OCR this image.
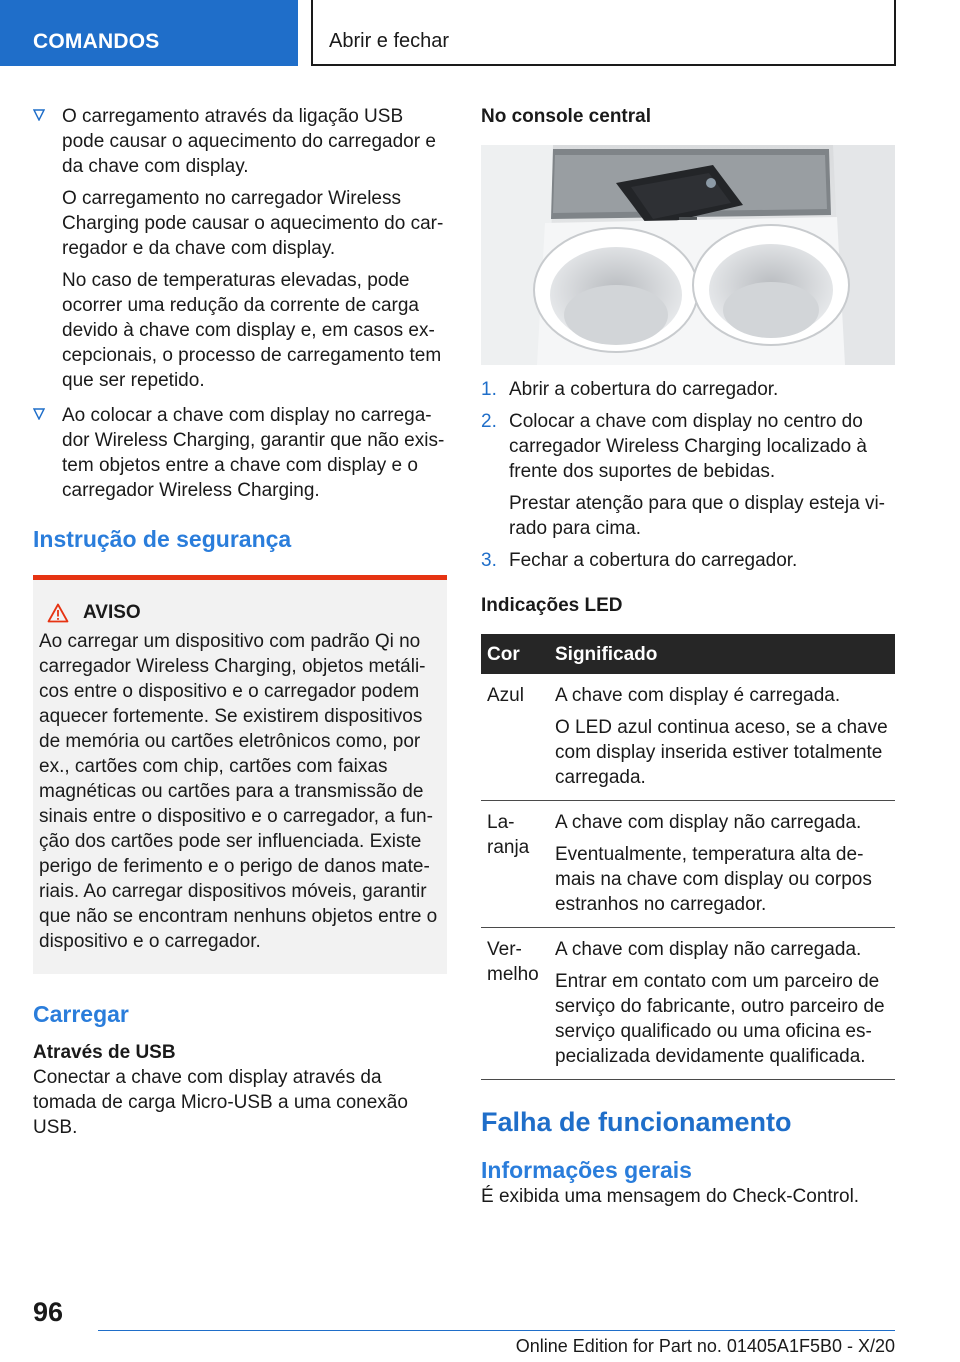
COMANDOS	Abrir e fechar

O carregamento através da ligação USB pode causar o aquecimento do carregador e da chave com display.

O carregamento no carregador Wireless Charging pode causar o aquecimento do car-regador e da chave com display.

No caso de temperaturas elevadas, pode ocorrer uma redução da corrente de carga devido à chave com display e, em casos ex-cepcionais, o processo de carregamento tem que ser repetido.

Ao colocar a chave com display no carrega-dor Wireless Charging, garantir que não exis-tem objetos entre a chave com display e o carregador Wireless Charging.

Instrução de segurança
AVISO

Ao carregar um dispositivo com padrão Qi no carregador Wireless Charging, objetos metáli-cos entre o dispositivo e o carregador podem aquecer fortemente. Se existirem dispositivos de memória ou cartões eletrônicos como, por ex., cartões com chip, cartões com faixas magnéticas ou cartões para a transmissão de sinais entre o dispositivo e o carregador, a fun-ção dos cartões pode ser influenciada. Existe perigo de ferimento e o perigo de danos mate-riais. Ao carregar dispositivos móveis, garantir que não se encontram nenhuns objetos entre o dispositivo e o carregador.

Carregar
Através de USB

Conectar a chave com display através da tomada de carga Micro-USB a uma conexão USB.

No console central
1. Abrir a cobertura do carregador.

2. Colocar a chave com display no centro do carregador Wireless Charging localizado à frente dos suportes de bebidas.

Prestar atenção para que o display esteja vi-rado para cima.

3. Fechar a cobertura do carregador.

Indicações LED
Cor	Significado
Azul	A chave com display é carregada.

O LED azul continua aceso, se a chave com display inserida estiver totalmente carregada.

La-ranja	A chave com display não carregada.

Eventualmente, temperatura alta de-mais na chave com display ou corpos estranhos no carregador.

Ver-melho	A chave com display não carregada.

Entrar em contato com um parceiro de serviço do fabricante, outro parceiro de serviço qualificado ou uma oficina es-pecializada devidamente qualificada.

Falha de funcionamento
Informações gerais

É exibida uma mensagem do Check-Control.

96
Online Edition for Part no. 01405A1F5B0 - X/20
